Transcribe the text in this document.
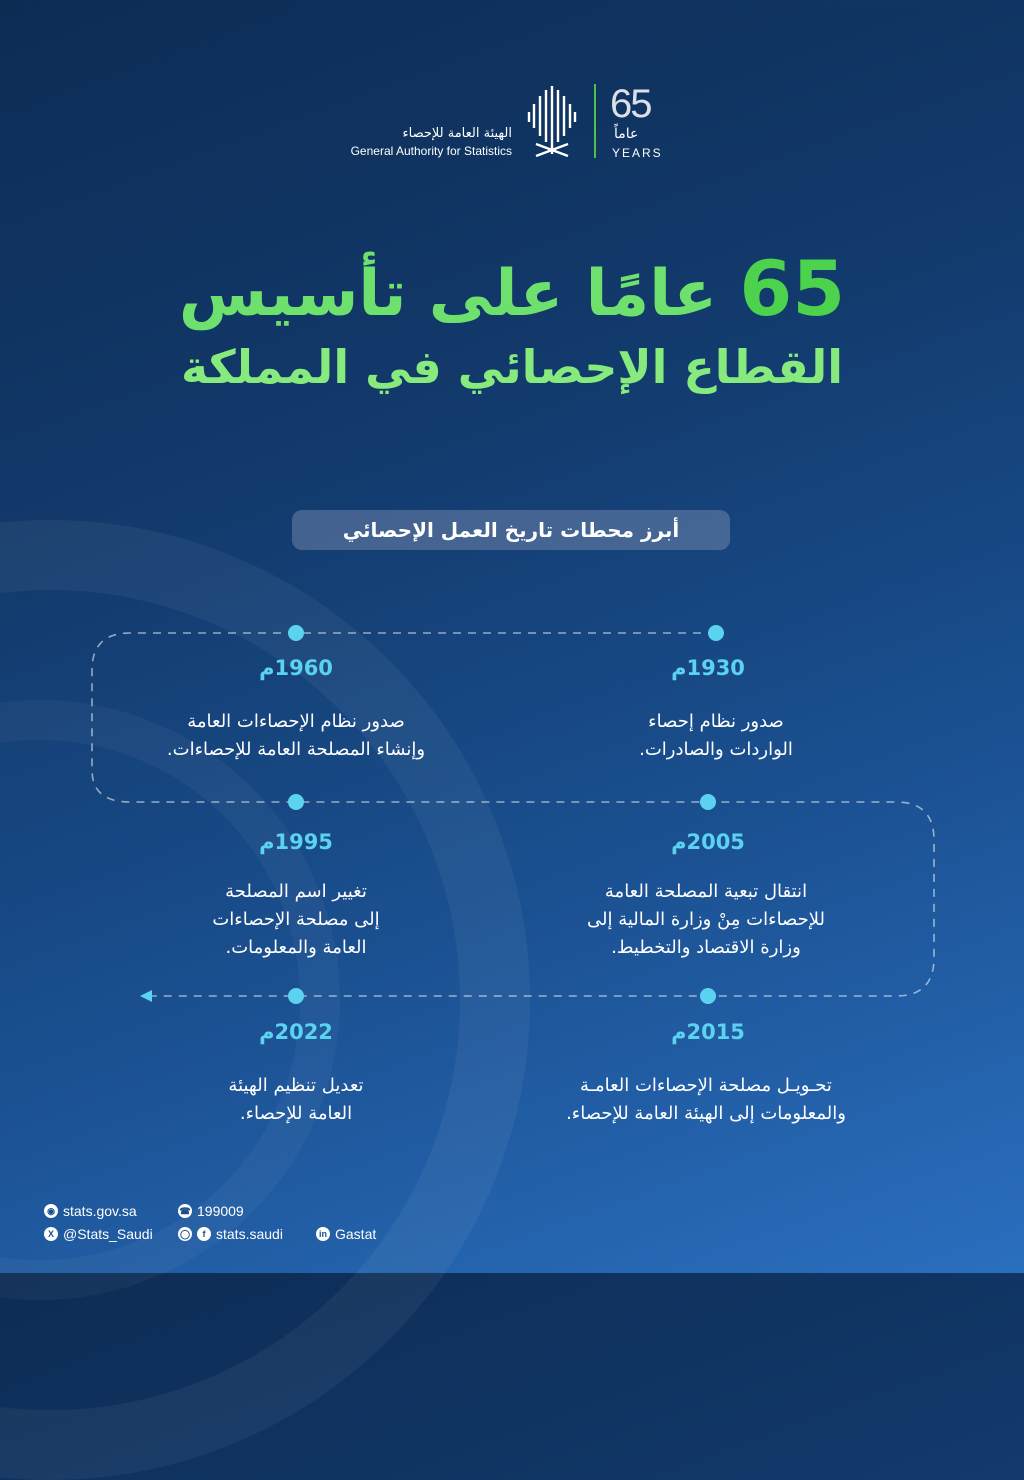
الهيئة العامة للإحصاء
General Authority for Statistics
65
عاماً
YEARS
65 عامًا على تأسيس
القطاع الإحصائي في المملكة
أبرز محطات تاريخ العمل الإحصائي
1930م
صدور نظام إحصاء
الواردات والصادرات.
1960م
صدور نظام الإحصاءات العامة
وإنشاء المصلحة العامة للإحصاءات.
2005م
انتقال تبعية المصلحة العامة
للإحصاءات مِنْ وزارة المالية إلى
وزارة الاقتصاد والتخطيط.
1995م
تغيير اسم المصلحة
إلى مصلحة الإحصاءات
العامة والمعلومات.
2015م
تحـويـل مصلحة الإحصاءات العامـة
والمعلومات إلى الهيئة العامة للإحصاء.
2022م
تعديل تنظيم الهيئة
العامة للإحصاء.
◉ stats.gov.sa
X @Stats_Saudi
☎ 199009
◯	f stats.saudi	in Gastat
